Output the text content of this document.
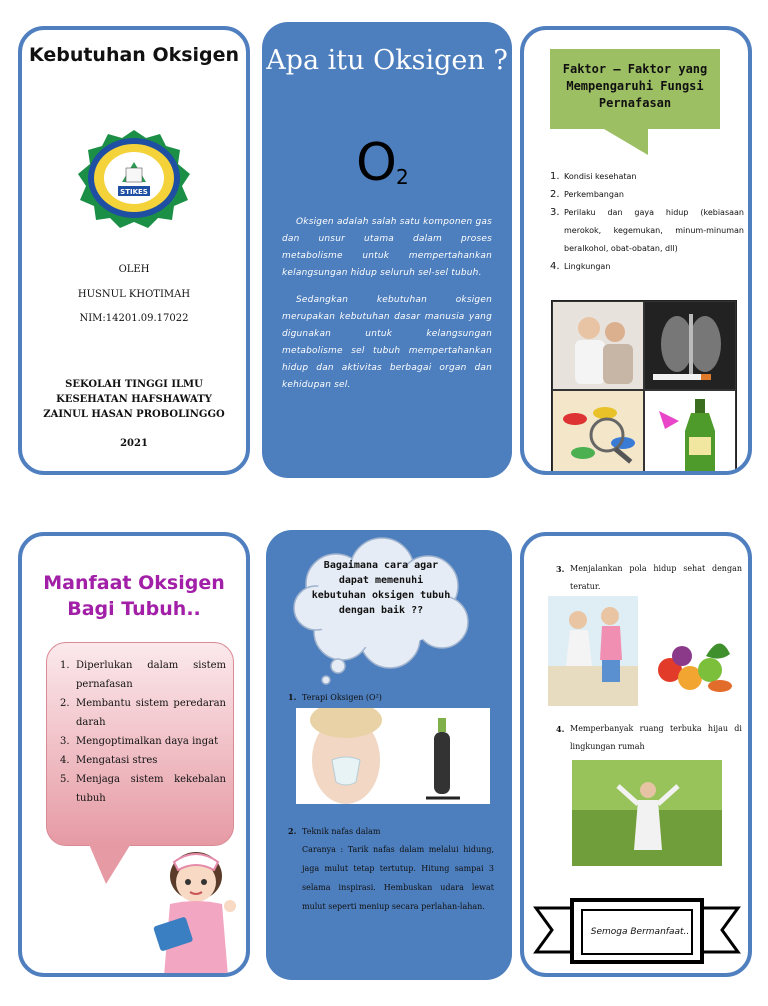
Kebutuhan Oksigen
STIKES
OLEH
HUSNUL KHOTIMAH
NIM:14201.09.17022
SEKOLAH TINGGI ILMU KESEHATAN HAFSHAWATY ZAINUL HASAN PROBOLINGGO
2021
Apa itu Oksigen ?
O 2

Oksigen adalah salah satu komponen gas dan unsur utama dalam proses metabolisme untuk mempertahankan kelangsungan hidup seluruh sel-sel tubuh.

Sedangkan kebutuhan oksigen merupakan kebutuhan dasar manusia yang digunakan untuk kelangsungan metabolisme sel tubuh mempertahankan hidup dan aktivitas berbagai organ dan kehidupan sel.

Faktor – Faktor yang Mempengaruhi Fungsi Pernafasan
1. Kondisi kesehatan
2. Perkembangan
3. Perilaku dan gaya hidup (kebiasaan merokok, kegemukan, minum-minuman beralkohol, obat-obatan, dll)
4. Lingkungan
Manfaat Oksigen Bagi Tubuh..
1. Diperlukan dalam sistem pernafasan
2. Membantu sistem peredaran darah
3. Mengoptimalkan daya ingat
4. Mengatasi stres
5. Menjaga sistem kekebalan tubuh
Bagaimana cara agar dapat memenuhi kebutuhan oksigen tubuh dengan baik ??
1. Terapi Oksigen (O²)
2. Teknik nafas dalam

Caranya : Tarik nafas dalam melalui hidung, jaga mulut tetap tertutup. Hitung sampai 3 selama inspirasi. Hembuskan udara lewat mulut seperti meniup secara perlahan-lahan.

3. Menjalankan pola hidup sehat dengan teratur.
4. Memperbanyak ruang terbuka hijau di lingkungan rumah
Semoga Bermanfaat..
